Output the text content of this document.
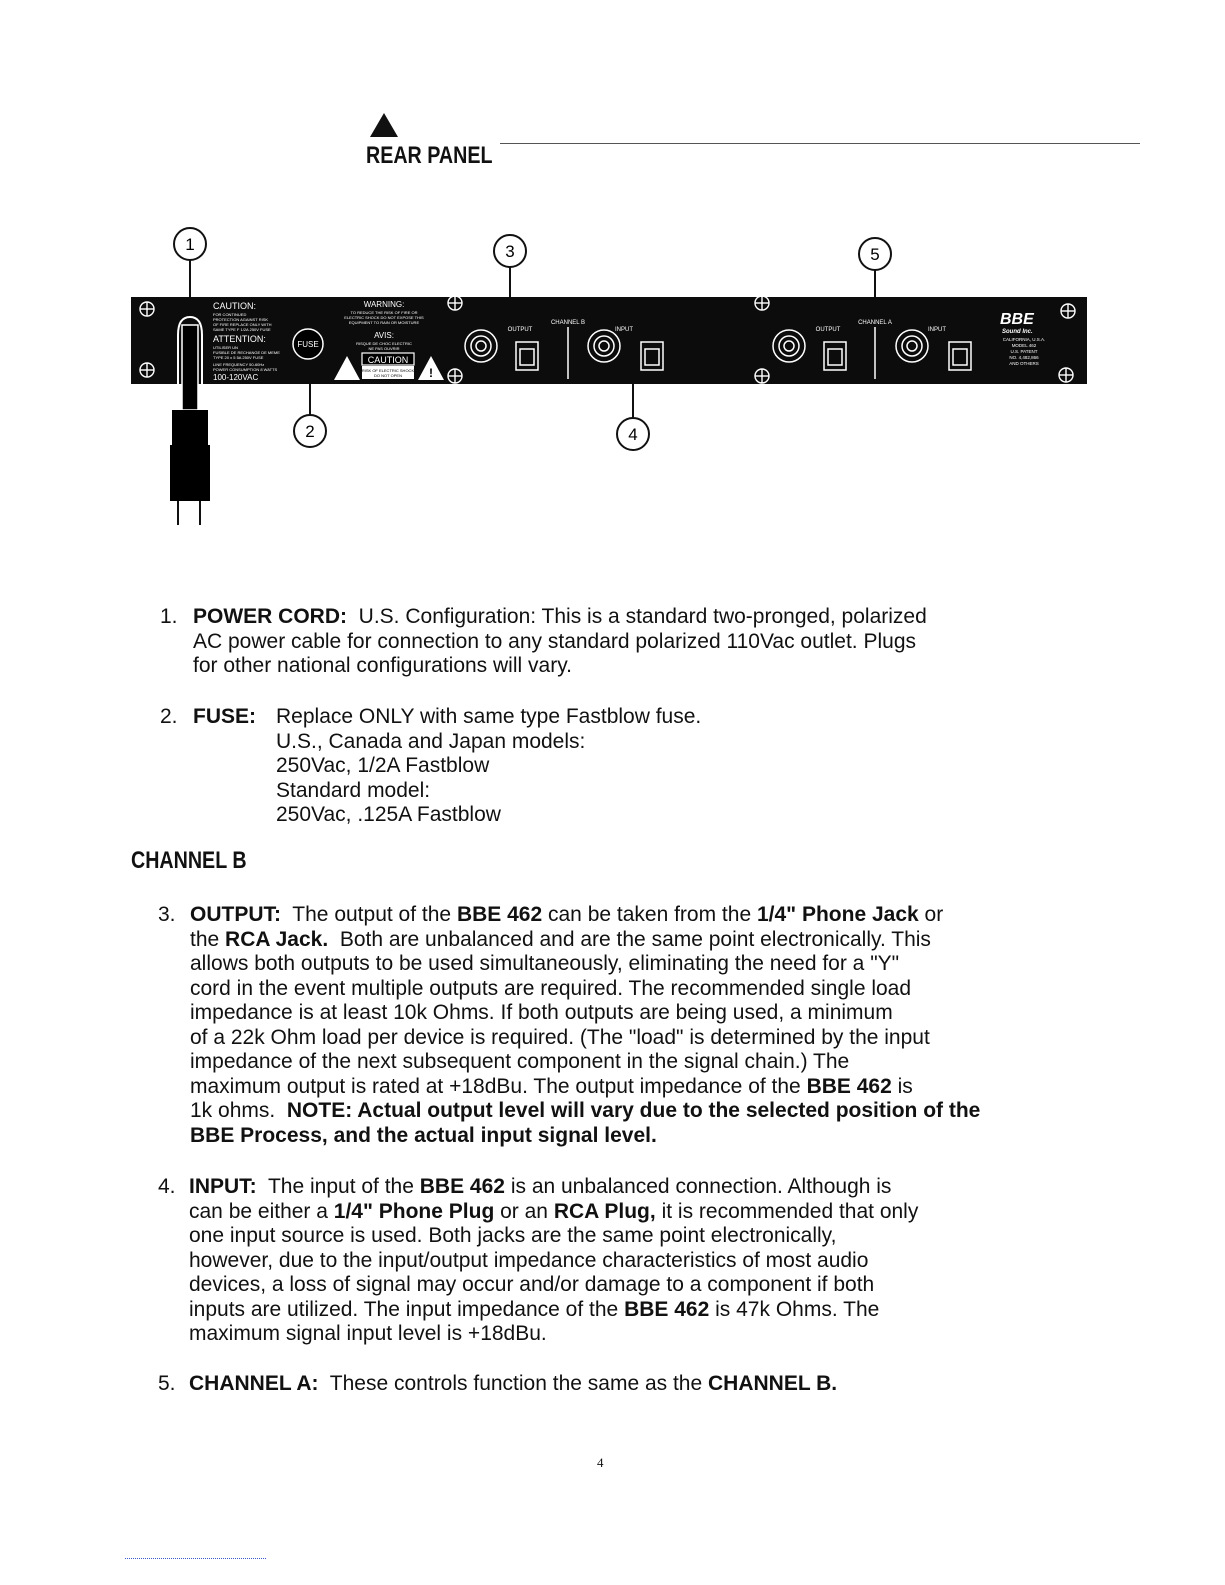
REAR PANEL
1	3	5
CAUTION:
FOR CONTINUED
PROTECTION AGAINST RISK
OF FIRE REPLACE ONLY WITH
SAME TYPE F 1/2A 250V FUSE
ATTENTION:
UTILISER UN
FUSIBLE DE RECHANGE DE MEME
TYPE 20 x 5 5A 250V FUSE
LINE FREQUENCY 50-60Hz
POWER CONSUMPTION 8 WATTS
100-120VAC
FUSE
WARNING:
TO REDUCE THE RISK OF FIRE OR
ELECTRIC SHOCK DO NOT EXPOSE THIS
EQUIPMENT TO RAIN OR MOISTURE
AVIS:
RISQUE DE CHOC ELECTRIC
NE PAS OUVRIR
CAUTION
RISK OF ELECTRIC SHOCK
DO NOT OPEN !
CHANNEL B
OUTPUT	INPUT
CHANNEL A
OUTPUT	INPUT
BBE
Sound Inc.
CALIFORNIA, U.S.A.
MODEL 462
U.S. PATENT
NO. 4,482,866
AND OTHERS
2	4
1. POWER CORD: U.S. Configuration: This is a standard two-pronged, polarized
AC power cable for connection to any standard polarized 110Vac outlet. Plugs
for other national configurations will vary.
2. FUSE: Replace ONLY with same type Fastblow fuse.
U.S., Canada and Japan models:
250Vac, 1/2A Fastblow
Standard model:
250Vac, .125A Fastblow
CHANNEL B
3. OUTPUT: The output of the BBE 462 can be taken from the 1/4" Phone Jack or
the RCA Jack. Both are unbalanced and are the same point electronically. This
allows both outputs to be used simultaneously, eliminating the need for a "Y"
cord in the event multiple outputs are required. The recommended single load
impedance is at least 10k Ohms. If both outputs are being used, a minimum
of a 22k Ohm load per device is required. (The "load" is determined by the input
impedance of the next subsequent component in the signal chain.) The
maximum output is rated at +18dBu. The output impedance of the BBE 462 is
1k ohms. NOTE: Actual output level will vary due to the selected position of the
BBE Process, and the actual input signal level.
4. INPUT: The input of the BBE 462 is an unbalanced connection. Although is
can be either a 1/4" Phone Plug or an RCA Plug, it is recommended that only
one input source is used. Both jacks are the same point electronically,
however, due to the input/output impedance characteristics of most audio
devices, a loss of signal may occur and/or damage to a component if both
inputs are utilized. The input impedance of the BBE 462 is 47k Ohms. The
maximum signal input level is +18dBu.
5. CHANNEL A: These controls function the same as the CHANNEL B.
4
